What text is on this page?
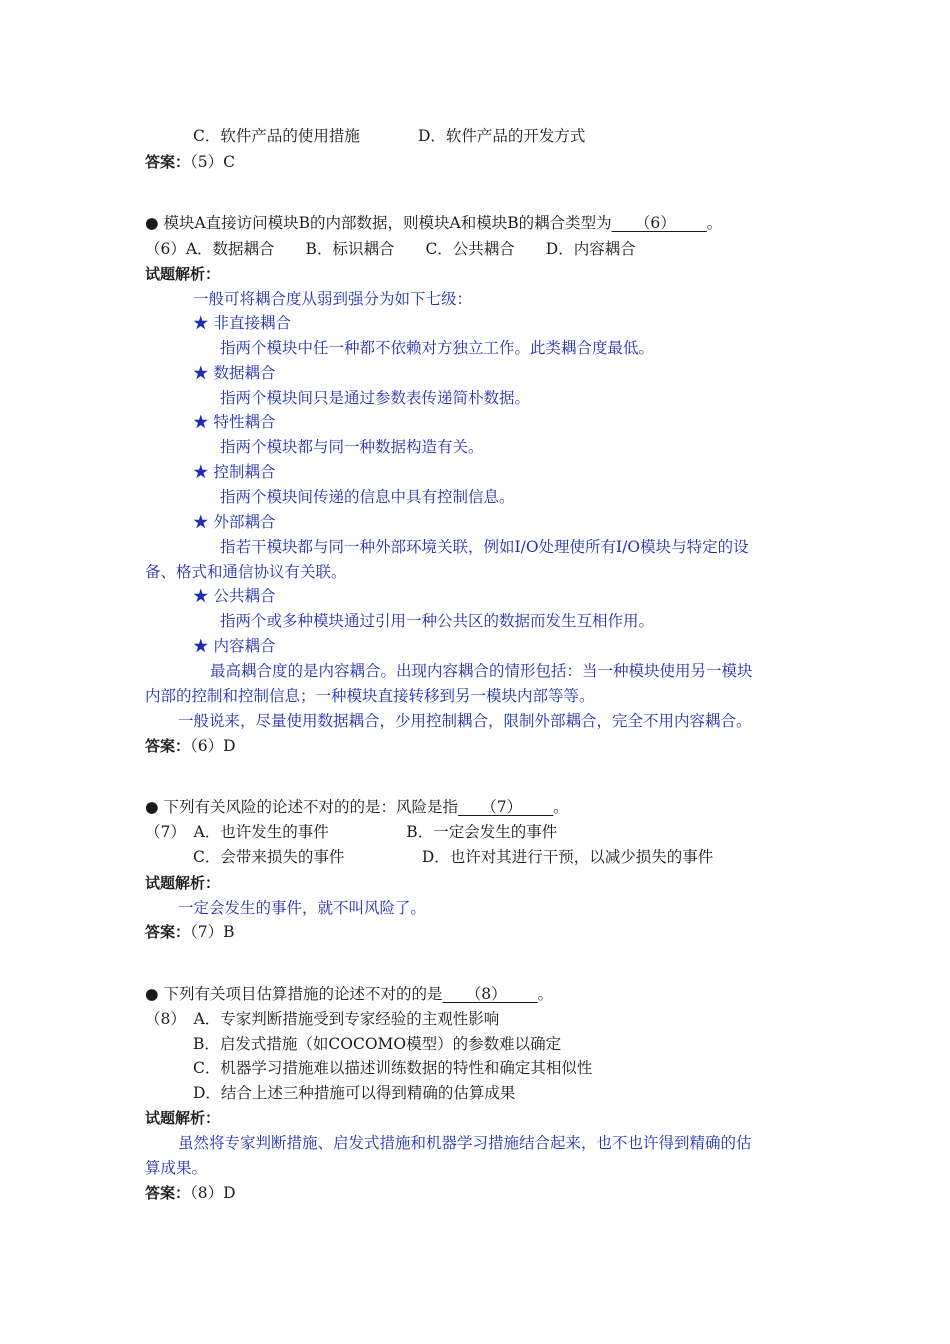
C．软件产品的使用措施	D．软件产品的开发方式
答案：（5）C
● 模块A直接访问模块B的内部数据，则模块A和模块B的耦合类型为___（6）____。
（6）A．数据耦合　　B．标识耦合　　C．公共耦合　　D．内容耦合
试题解析：
一般可将耦合度从弱到强分为如下七级：
★ 非直接耦合
指两个模块中任一种都不依赖对方独立工作。此类耦合度最低。
★ 数据耦合
指两个模块间只是通过参数表传递简朴数据。
★ 特性耦合
指两个模块都与同一种数据构造有关。
★ 控制耦合
指两个模块间传递的信息中具有控制信息。
★ 外部耦合
指若干模块都与同一种外部环境关联，例如I/O处理使所有I/O模块与特定的设
备、格式和通信协议有关联。
★ 公共耦合
指两个或多种模块通过引用一种公共区的数据而发生互相作用。
★ 内容耦合
最高耦合度的是内容耦合。出现内容耦合的情形包括：当一种模块使用另一模块
内部的控制和控制信息；一种模块直接转移到另一模块内部等等。
一般说来，尽量使用数据耦合，少用控制耦合，限制外部耦合，完全不用内容耦合。
答案：（6）D
● 下列有关风险的论述不对的的是：风险是指___（7）____。
（7）　A．也许发生的事件　　　　　B．一定会发生的事件
C．会带来损失的事件　　　　　D．也许对其进行干预，以减少损失的事件
试题解析：
一定会发生的事件，就不叫风险了。
答案：（7）B
● 下列有关项目估算措施的论述不对的的是___（8）____。
（8）　A．专家判断措施受到专家经验的主观性影响
B．启发式措施（如COCOMO模型）的参数难以确定
C．机器学习措施难以描述训练数据的特性和确定其相似性
D．结合上述三种措施可以得到精确的估算成果
试题解析：
虽然将专家判断措施、启发式措施和机器学习措施结合起来，也不也许得到精确的估
算成果。
答案：（8）D
